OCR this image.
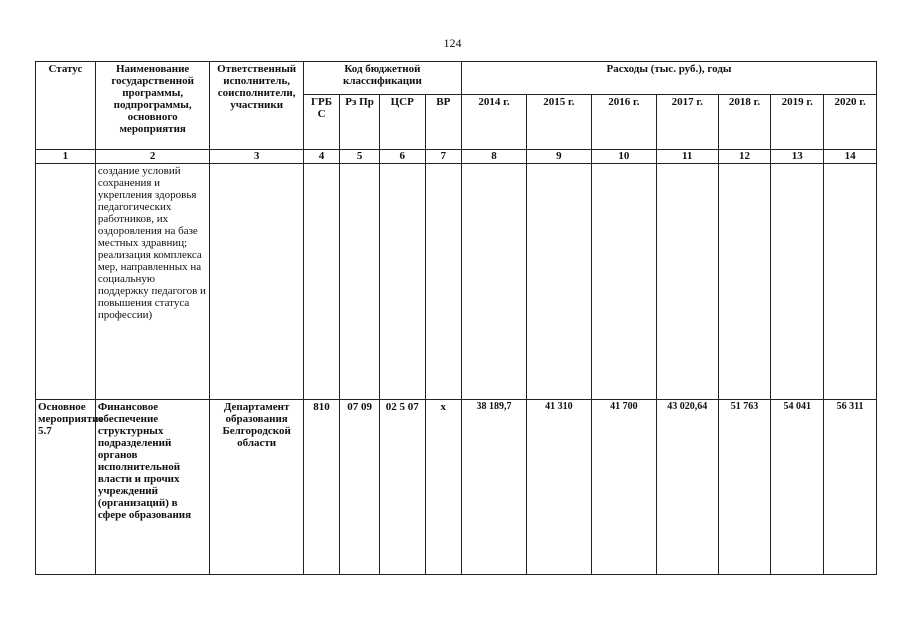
124
Статус	Наименование государственной программы, подпрограммы, основного мероприятия	Ответственный исполнитель, соисполнители, участники	Код бюджетной классификации				Расходы (тыс. руб.), годы						
			ГРБ С	Рз Пр	ЦСР	ВР	2014 г.	2015 г.	2016 г.	2017 г.	2018 г.	2019 г.	2020 г.
1	2	3	4	5	6	7	8	9	10	11	12	13	14
	создание условий сохранения и укрепления здоровья педагогических работников, их оздоровления на базе местных здравниц; реализация комплекса мер, направленных на социальную поддержку педагогов и повышения статуса профессии)												
Основное мероприятие 5.7	Финансовое обеспечение структурных подразделений органов исполнительной власти и прочих учреждений (организаций) в сфере образования	Департамент образования Белгородской области	810	07 09	02 5 07	х	38 189,7	41 310	41 700	43 020,64	51 763	54 041	56 311
